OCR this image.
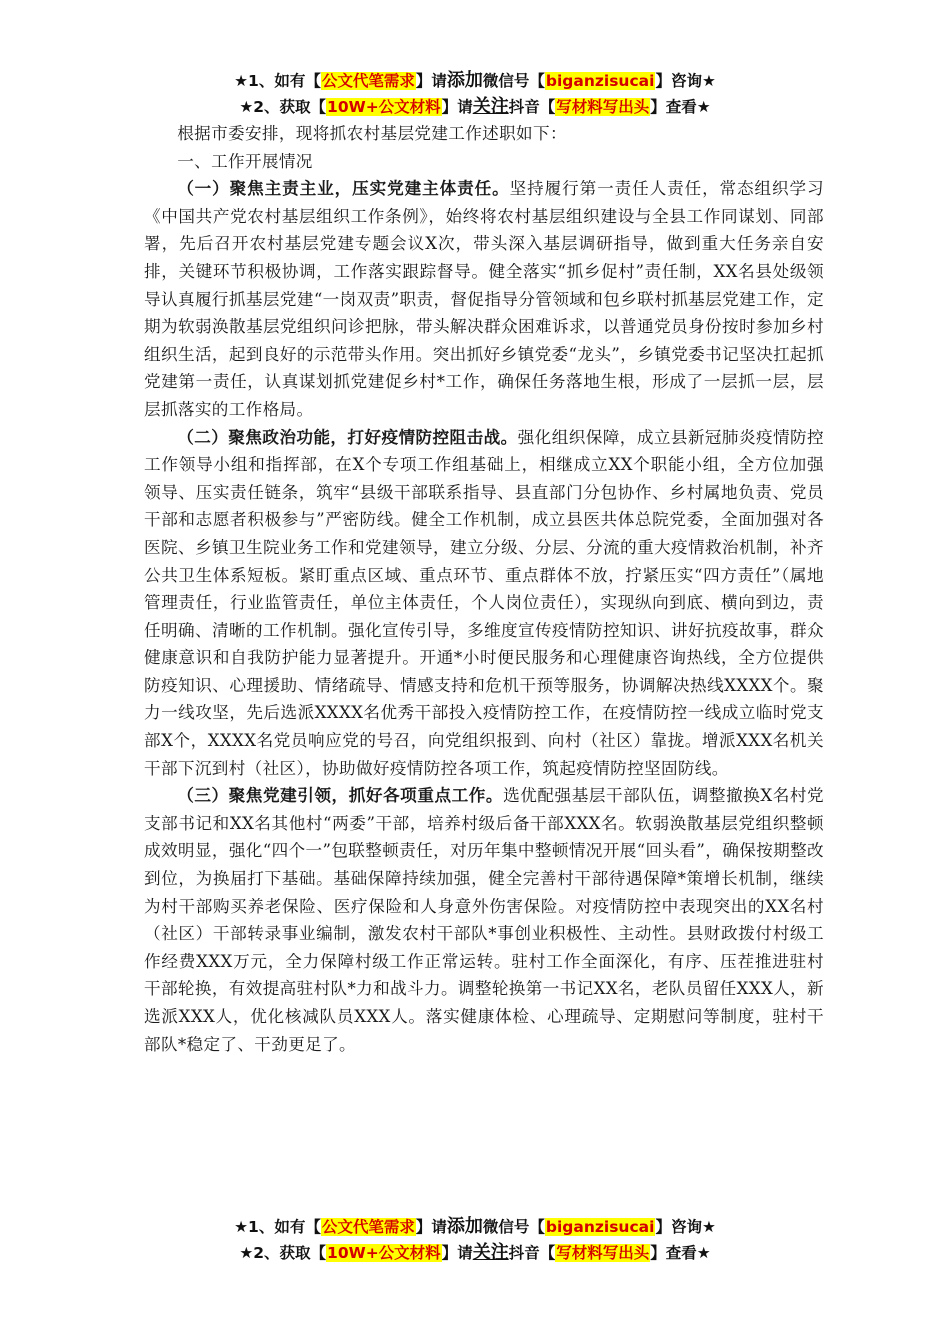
★1、如有【公文代笔需求】请添加微信号【biganzisucai】咨询★
★2、获取【10W+公文材料】请关注抖音【写材料写出头】查看★

根据市委安排，现将抓农村基层党建工作述职如下：

一、工作开展情况

（一）聚焦主责主业，压实党建主体责任。坚持履行第一责任人责任，常态组织学习《中国共产党农村基层组织工作条例》，始终将农村基层组织建设与全县工作同谋划、同部署，先后召开农村基层党建专题会议X次，带头深入基层调研指导，做到重大任务亲自安排，关键环节积极协调，工作落实跟踪督导。健全落实“抓乡促村”责任制，XX名县处级领导认真履行抓基层党建“一岗双责”职责，督促指导分管领域和包乡联村抓基层党建工作，定期为软弱涣散基层党组织问诊把脉，带头解决群众困难诉求，以普通党员身份按时参加乡村组织生活，起到良好的示范带头作用。突出抓好乡镇党委“龙头”，乡镇党委书记坚决扛起抓党建第一责任，认真谋划抓党建促乡村*工作，确保任务落地生根，形成了一层抓一层，层层抓落实的工作格局。

（二）聚焦政治功能，打好疫情防控阻击战。强化组织保障，成立县新冠肺炎疫情防控工作领导小组和指挥部，在X个专项工作组基础上，相继成立XX个职能小组，全方位加强领导、压实责任链条，筑牢“县级干部联系指导、县直部门分包协作、乡村属地负责、党员干部和志愿者积极参与”严密防线。健全工作机制，成立县医共体总院党委，全面加强对各医院、乡镇卫生院业务工作和党建领导，建立分级、分层、分流的重大疫情救治机制，补齐公共卫生体系短板。紧盯重点区域、重点环节、重点群体不放，拧紧压实“四方责任”（属地管理责任，行业监管责任，单位主体责任，个人岗位责任），实现纵向到底、横向到边，责任明确、清晰的工作机制。强化宣传引导，多维度宣传疫情防控知识、讲好抗疫故事，群众健康意识和自我防护能力显著提升。开通*小时便民服务和心理健康咨询热线，全方位提供防疫知识、心理援助、情绪疏导、情感支持和危机干预等服务，协调解决热线XXXX个。聚力一线攻坚，先后选派XXXX名优秀干部投入疫情防控工作，在疫情防控一线成立临时党支部X个，XXXX名党员响应党的号召，向党组织报到、向村（社区）靠拢。增派XXX名机关干部下沉到村（社区），协助做好疫情防控各项工作，筑起疫情防控坚固防线。

（三）聚焦党建引领，抓好各项重点工作。选优配强基层干部队伍，调整撤换X名村党支部书记和XX名其他村“两委”干部，培养村级后备干部XXX名。软弱涣散基层党组织整顿成效明显，强化“四个一”包联整顿责任，对历年集中整顿情况开展“回头看”，确保按期整改到位，为换届打下基础。基础保障持续加强，健全完善村干部待遇保障*策增长机制，继续为村干部购买养老保险、医疗保险和人身意外伤害保险。对疫情防控中表现突出的XX名村（社区）干部转录事业编制，激发农村干部队*事创业积极性、主动性。县财政拨付村级工作经费XXX万元，全力保障村级工作正常运转。驻村工作全面深化，有序、压茬推进驻村干部轮换，有效提高驻村队*力和战斗力。调整轮换第一书记XX名，老队员留任XXX人，新选派XXX人，优化核减队员XXX人。落实健康体检、心理疏导、定期慰问等制度，驻村干部队*稳定了、干劲更足了。

★1、如有【公文代笔需求】请添加微信号【biganzisucai】咨询★
★2、获取【10W+公文材料】请关注抖音【写材料写出头】查看★
